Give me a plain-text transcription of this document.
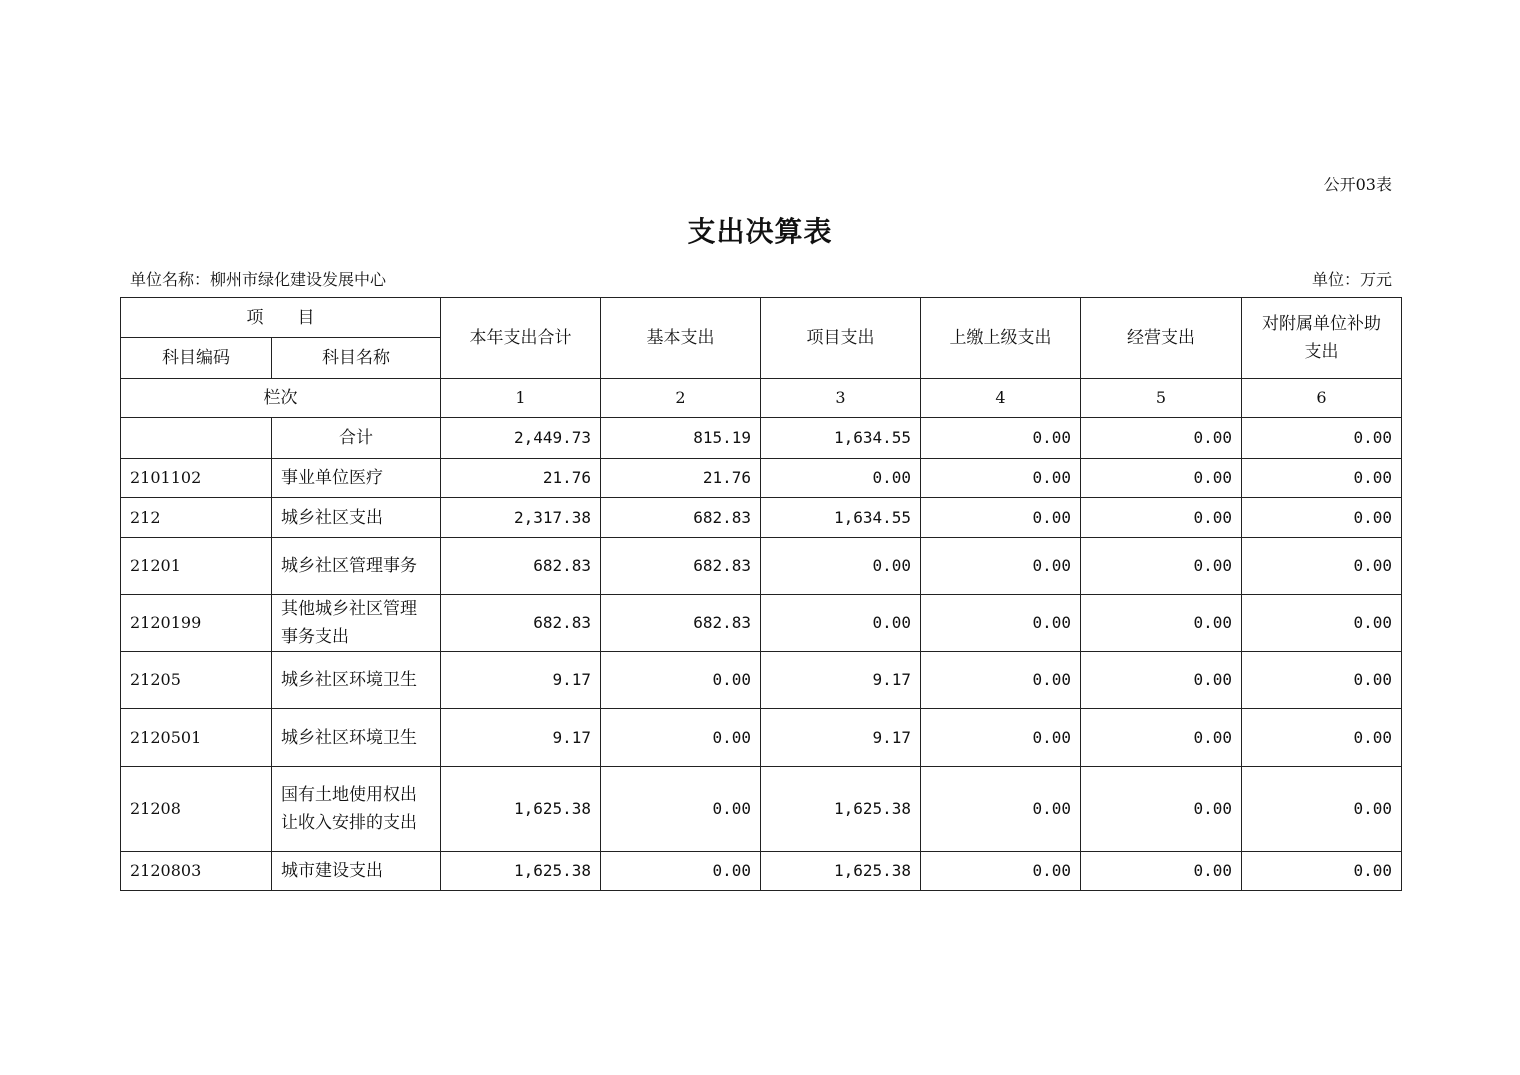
公开03表
支出决算表
单位名称：柳州市绿化建设发展中心	单位：万元
项　　目		本年支出合计	基本支出	项目支出	上缴上级支出	经营支出	对附属单位补助支出
科目编码	科目名称						
栏次		1	2	3	4	5	6
	合计	2,449.73	815.19	1,634.55	0.00	0.00	0.00
2101102	事业单位医疗	21.76	21.76	0.00	0.00	0.00	0.00
212	城乡社区支出	2,317.38	682.83	1,634.55	0.00	0.00	0.00
21201	城乡社区管理事务	682.83	682.83	0.00	0.00	0.00	0.00
2120199	其他城乡社区管理事务支出	682.83	682.83	0.00	0.00	0.00	0.00
21205	城乡社区环境卫生	9.17	0.00	9.17	0.00	0.00	0.00
2120501	城乡社区环境卫生	9.17	0.00	9.17	0.00	0.00	0.00
21208	国有土地使用权出让收入安排的支出	1,625.38	0.00	1,625.38	0.00	0.00	0.00
2120803	城市建设支出	1,625.38	0.00	1,625.38	0.00	0.00	0.00
